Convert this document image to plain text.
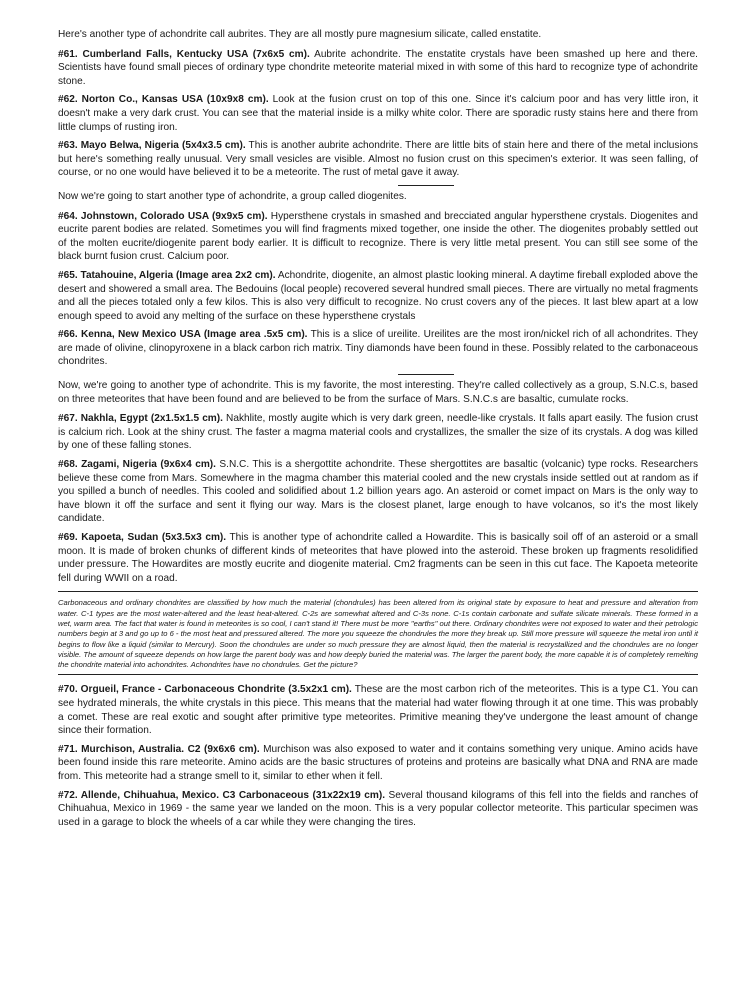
Here's another type of achondrite call aubrites. They are all mostly pure magnesium silicate, called enstatite.

#61. Cumberland Falls, Kentucky USA (7x6x5 cm). Aubrite achondrite. The enstatite crystals have been smashed up here and there. Scientists have found small pieces of ordinary type chondrite meteorite material mixed in with some of this hard to recognize type of achondrite stone.

#62. Norton Co., Kansas USA (10x9x8 cm). Look at the fusion crust on top of this one. Since it's calcium poor and has very little iron, it doesn't make a very dark crust. You can see that the material inside is a milky white color. There are sporadic rusty stains here and there from little clumps of rusting iron.

#63. Mayo Belwa, Nigeria (5x4x3.5 cm). This is another aubrite achondrite. There are little bits of stain here and there of the metal inclusions but here's something really unusual. Very small vesicles are visible. Almost no fusion crust on this specimen's exterior. It was seen falling, of course, or no one would have believed it to be a meteorite. The rust of metal gave it away.

Now we're going to start another type of achondrite, a group called diogenites.

#64. Johnstown, Colorado USA (9x9x5 cm). Hypersthene crystals in smashed and brecciated angular hypersthene crystals. Diogenites and eucrite parent bodies are related. Sometimes you will find fragments mixed together, one inside the other. The diogenites probably settled out of the molten eucrite/diogenite parent body earlier. It is difficult to recognize. There is very little metal present. You can still see some of the black burnt fusion crust. Calcium poor.

#65. Tatahouine, Algeria (Image area 2x2 cm). Achondrite, diogenite, an almost plastic looking mineral. A daytime fireball exploded above the desert and showered a small area. The Bedouins (local people) recovered several hundred small pieces. There are virtually no metal fragments and all the pieces totaled only a few kilos. This is also very difficult to recognize. No crust covers any of the pieces. It last blew apart at a low enough speed to avoid any melting of the surface on these hypersthene crystals

#66. Kenna, New Mexico USA (Image area .5x5 cm). This is a slice of ureilite. Ureilites are the most iron/nickel rich of all achondrites. They are made of olivine, clinopyroxene in a black carbon rich matrix. Tiny diamonds have been found in these. Possibly related to the carbonaceous chondrites.

Now, we're going to another type of achondrite. This is my favorite, the most interesting. They're called collectively as a group, S.N.C.s, based on three meteorites that have been found and are believed to be from the surface of Mars. S.N.C.s are basaltic, cumulate rocks.

#67. Nakhla, Egypt (2x1.5x1.5 cm). Nakhlite, mostly augite which is very dark green, needle-like crystals. It falls apart easily. The fusion crust is calcium rich. Look at the shiny crust. The faster a magma material cools and crystallizes, the smaller the size of its crystals. A dog was killed by one of these falling stones.

#68. Zagami, Nigeria (9x6x4 cm). S.N.C. This is a shergottite achondrite. These shergottites are basaltic (volcanic) type rocks. Researchers believe these come from Mars. Somewhere in the magma chamber this material cooled and the new crystals inside settled out at random as if you spilled a bunch of needles. This cooled and solidified about 1.2 billion years ago. An asteroid or comet impact on Mars is the only way to have blown it off the surface and sent it flying our way. Mars is the closest planet, large enough to have volcanos, so it's the most likely candidate.

#69. Kapoeta, Sudan (5x3.5x3 cm). This is another type of achondrite called a Howardite. This is basically soil off of an asteroid or a small moon. It is made of broken chunks of different kinds of meteorites that have plowed into the asteroid. These broken up fragments resolidified under pressure. The Howardites are mostly eucrite and diogenite material. Cm2 fragments can be seen in this cut face. The Kapoeta meteorite fell during WWII on a road.

Carbonaceous and ordinary chondrites are classified by how much the material (chondrules) has been altered from its original state by exposure to heat and pressure and alteration from water. C-1 types are the most water-altered and the least heat-altered. C-2s are somewhat altered and C-3s none. C-1s contain carbonate and sulfate silicate minerals. These formed in a wet, warm area. The fact that water is found in meteorites is so cool, I can't stand it! There must be more "earths" out there. Ordinary chondrites were not exposed to water and their petrologic numbers begin at 3 and go up to 6 - the most heat and pressured altered. The more you squeeze the chondrules the more they break up. Still more pressure will squeeze the metal iron until it begins to flow like a liquid (similar to Mercury). Soon the chondrules are under so much pressure they are almost liquid, then the material is recrystallized and the chondrules are no longer visible. The amount of squeeze depends on how large the parent body was and how deeply buried the material was. The larger the parent body, the more capable it is of completely remelting the chondrite material into achondrites. Achondrites have no chondrules. Get the picture?

#70. Orgueil, France - Carbonaceous Chondrite (3.5x2x1 cm). These are the most carbon rich of the meteorites. This is a type C1. You can see hydrated minerals, the white crystals in this piece. This means that the material had water flowing through it at one time. This was probably a comet. These are real exotic and sought after primitive type meteorites. Primitive meaning they've undergone the least amount of change since their formation.

#71. Murchison, Australia. C2 (9x6x6 cm). Murchison was also exposed to water and it contains something very unique. Amino acids have been found inside this rare meteorite. Amino acids are the basic structures of proteins and proteins are basically what DNA and RNA are made from. This meteorite had a strange smell to it, similar to ether when it fell.

#72. Allende, Chihuahua, Mexico. C3 Carbonaceous (31x22x19 cm). Several thousand kilograms of this fell into the fields and ranches of Chihuahua, Mexico in 1969 - the same year we landed on the moon. This is a very popular collector meteorite. This particular specimen was used in a garage to block the wheels of a car while they were changing the tires.
